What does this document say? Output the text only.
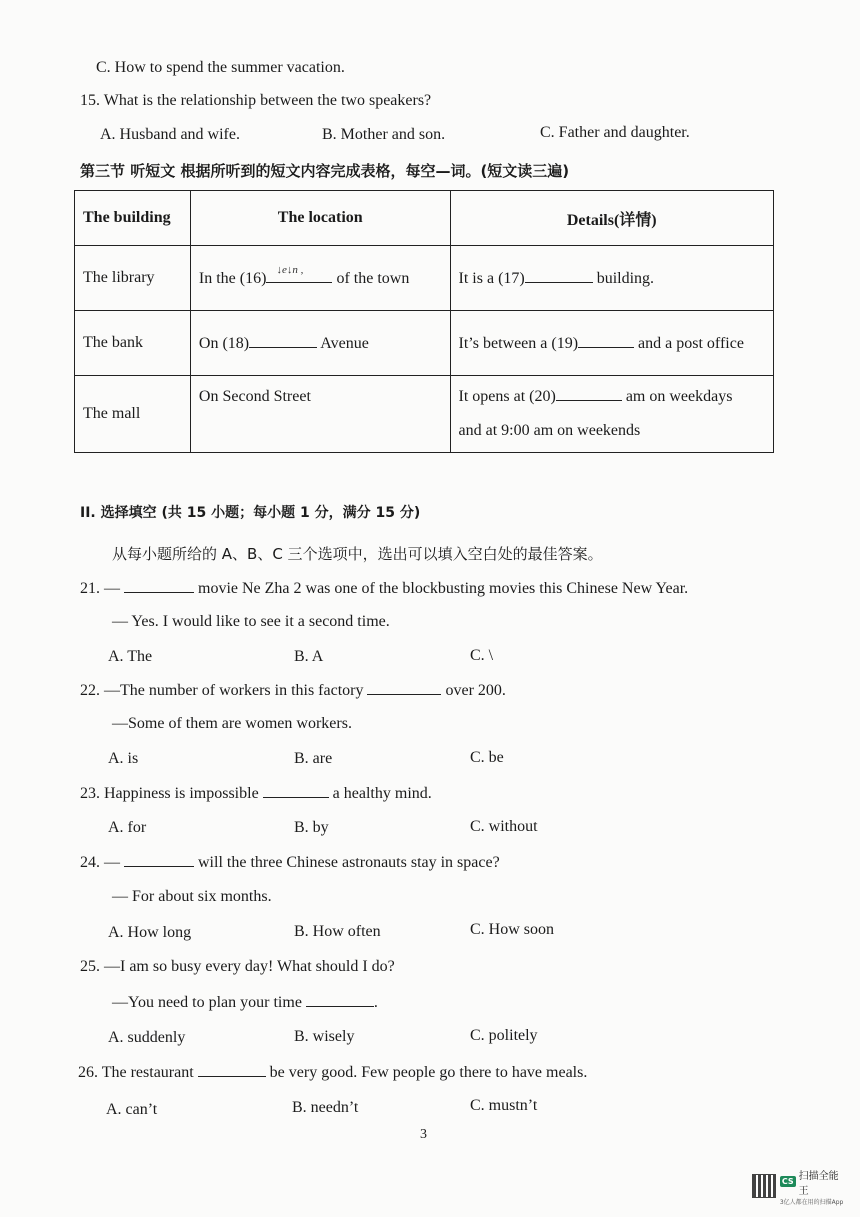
C. How to spend the summer vacation.
15. What is the relationship between the two speakers?
A. Husband and wife.	B. Mother and son.	C. Father and daughter.
第三节 听短文 根据所听到的短文内容完成表格，每空—词。(短文读三遍)
The building	The location	Details(详情)
The library	In the (16) ↓e↓n , of the town	It is a (17) building.
The bank	On (18) Avenue	It’s between a (19) and a post office
The mall	On Second Street	It opens at (20) am on weekdays
and at 9:00 am on weekends
II. 选择填空 (共 15 小题；每小题 1 分，满分 15 分)
从每小题所给的 A、B、C 三个选项中，选出可以填入空白处的最佳答案。
21. —	movie Ne Zha 2 was one of the blockbusting movies this Chinese New Year.
— Yes. I would like to see it a second time.
A. The	B. A	C. \
22. —The number of workers in this factory	over 200.
—Some of them are women workers.
A. is	B. are	C. be
23. Happiness is impossible	a healthy mind.
A. for	B. by	C. without
24. —	will the three Chinese astronauts stay in space?
— For about six months.
A. How long	B. How often	C. How soon
25. —I am so busy every day! What should I do?
—You need to plan your time	.
A. suddenly	B. wisely	C. politely
26. The restaurant	be very good. Few people go there to have meals.
A. can’t	B. needn’t	C. mustn’t
3
CS 扫描全能王
3亿人都在用的扫描App
